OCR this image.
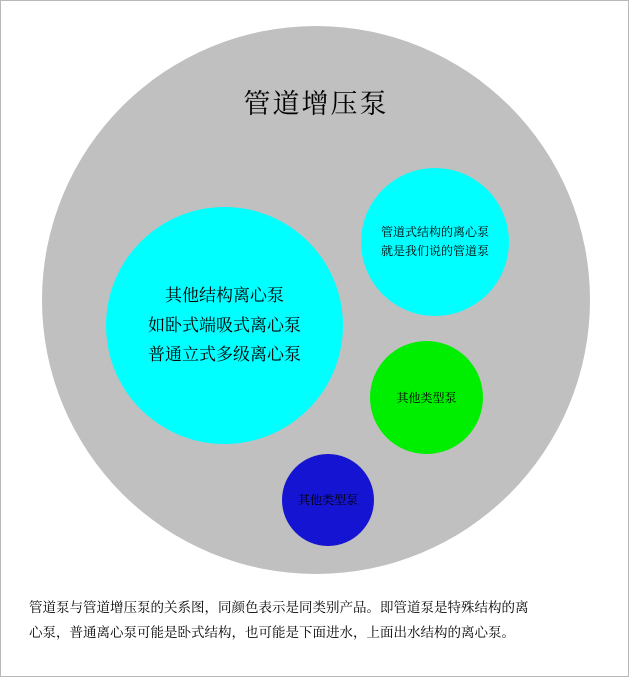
管道增压泵
其他结构离心泵
如卧式端吸式离心泵
普通立式多级离心泵
管道式结构的离心泵
就是我们说的管道泵
其他类型泵
其他类型泵
管道泵与管道增压泵的关系图，同颜色表示是同类别产品。即管道泵是特殊结构的离
心泵，普通离心泵可能是卧式结构，也可能是下面进水，上面出水结构的离心泵。
